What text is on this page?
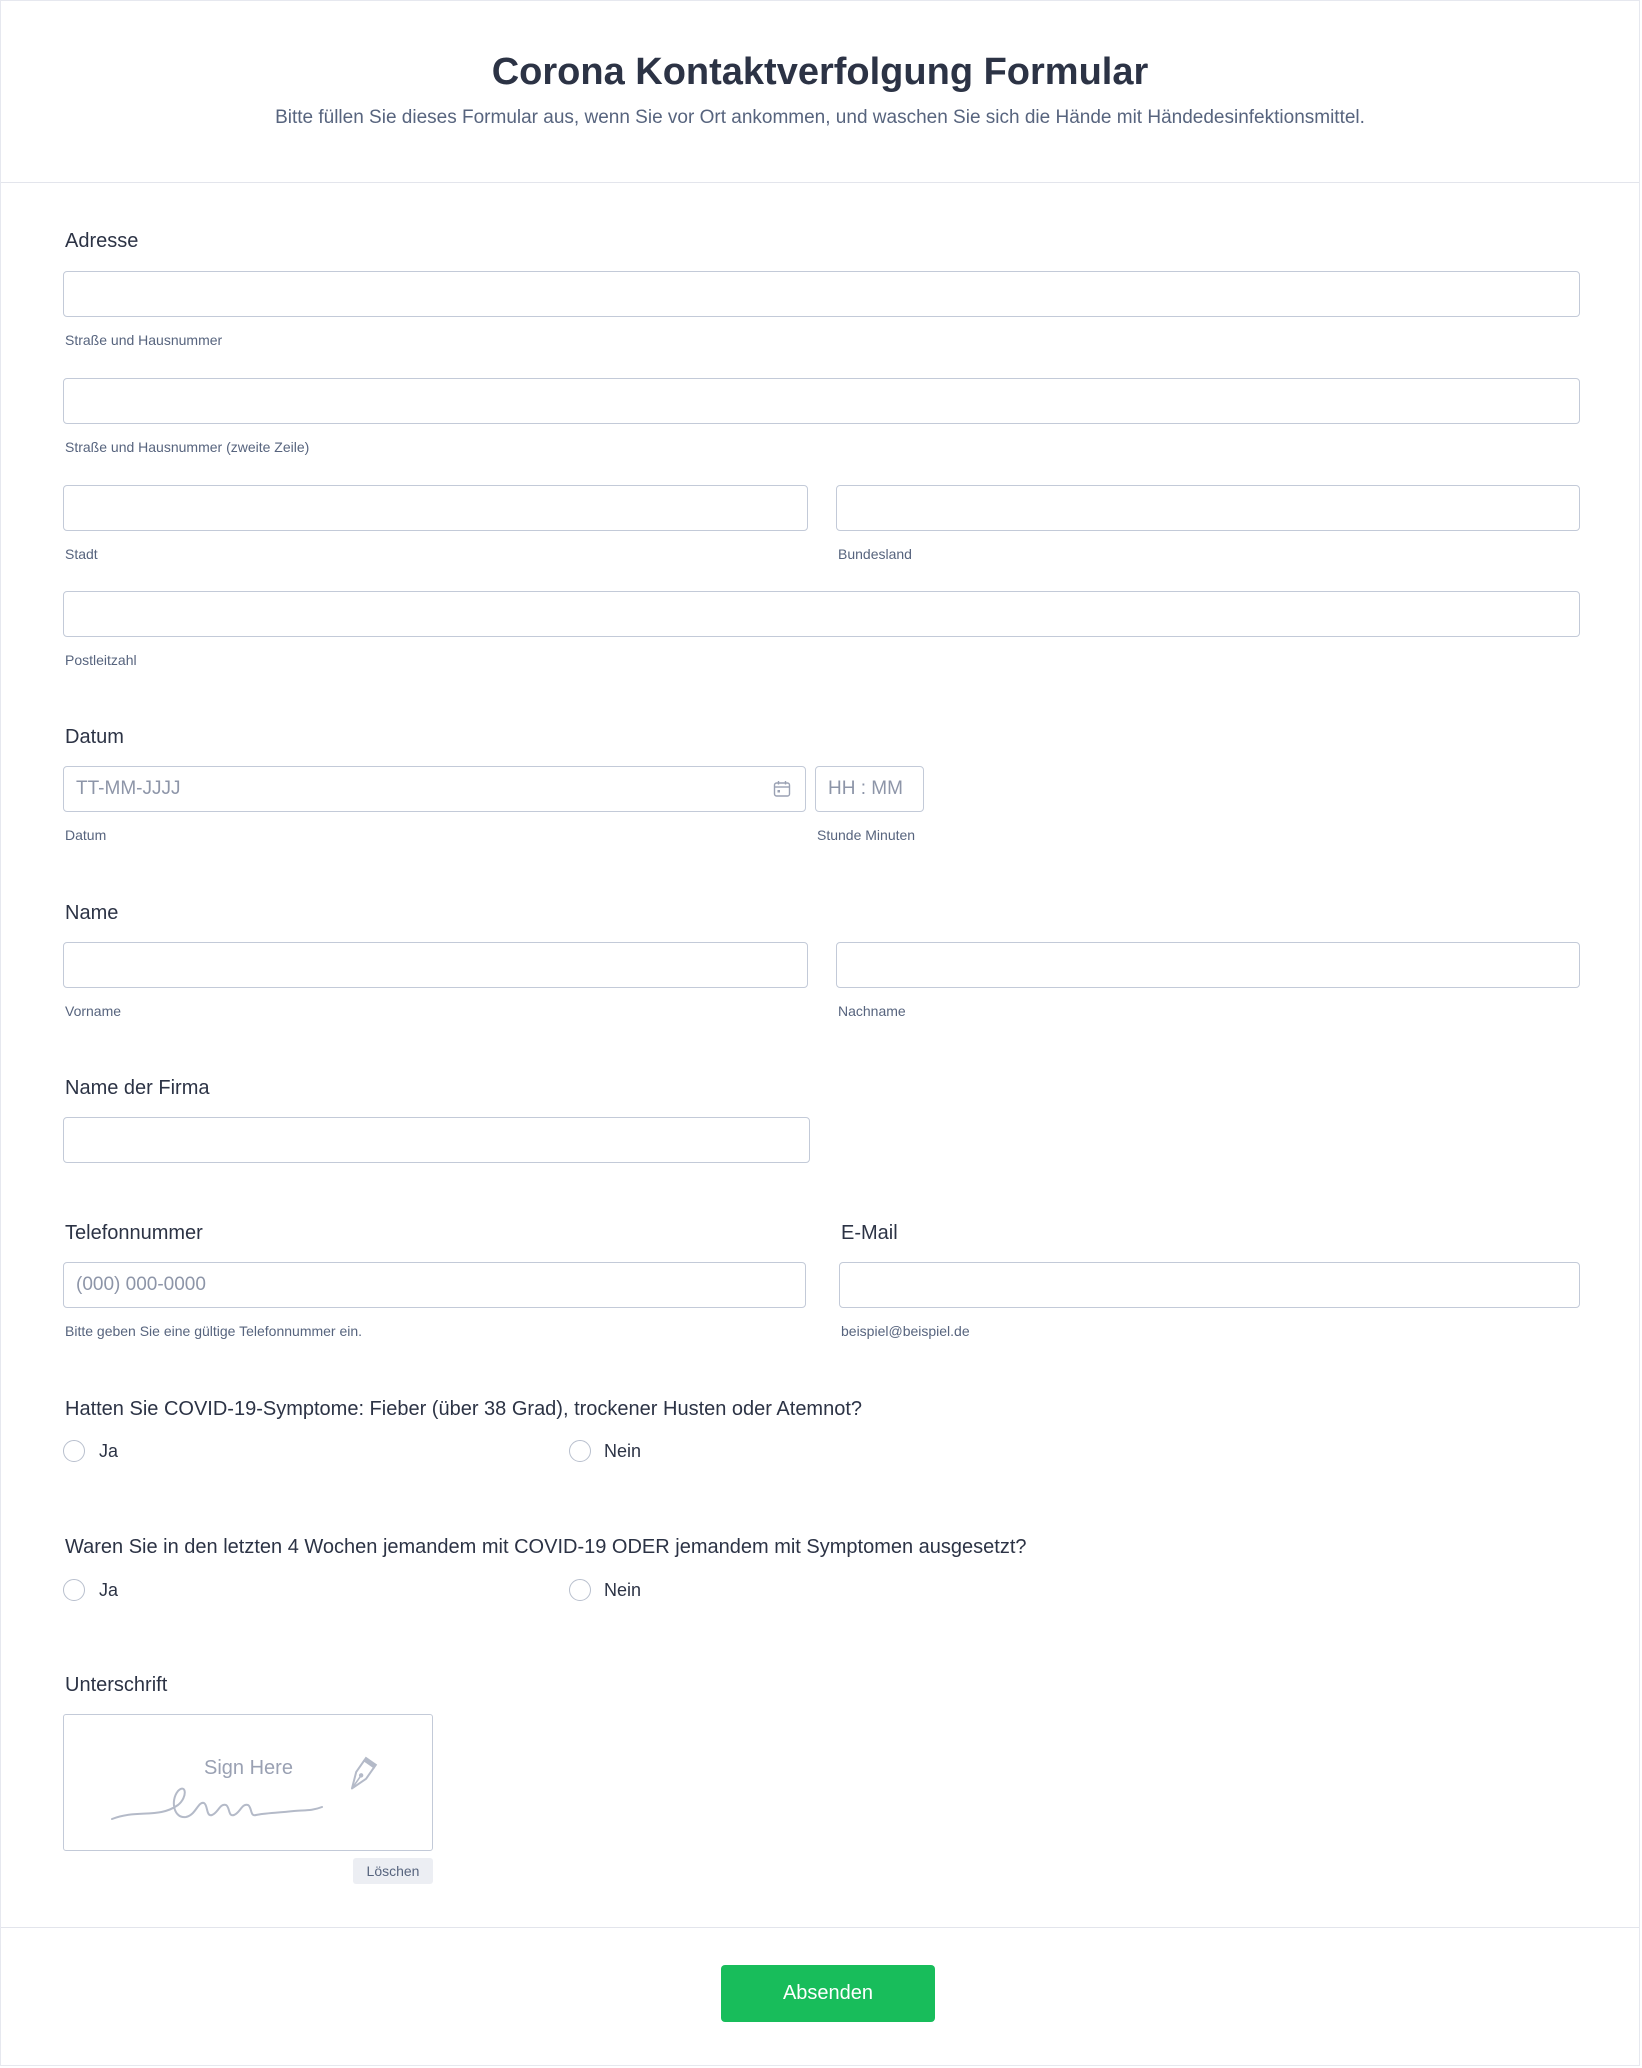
Corona Kontaktverfolgung Formular

Bitte füllen Sie dieses Formular aus, wenn Sie vor Ort ankommen, und waschen Sie sich die Hände mit Händedesinfektionsmittel.

Adresse
Straße und Hausnummer
Straße und Hausnummer (zweite Zeile)
Stadt	Bundesland
Postleitzahl
Datum
TT-MM-JJJJ
Datum
HH : MM	Stunde Minuten
Name
Vorname	Nachname
Name der Firma
Telefonnummer
(000) 000-0000
Bitte geben Sie eine gültige Telefonnummer ein.
E-Mail
beispiel@beispiel.de
Hatten Sie COVID-19-Symptome: Fieber (über 38 Grad), trockener Husten oder Atemnot?
Ja	Nein
Waren Sie in den letzten 4 Wochen jemandem mit COVID-19 ODER jemandem mit Symptomen ausgesetzt?
Ja	Nein
Unterschrift
Sign Here
Löschen
Absenden
